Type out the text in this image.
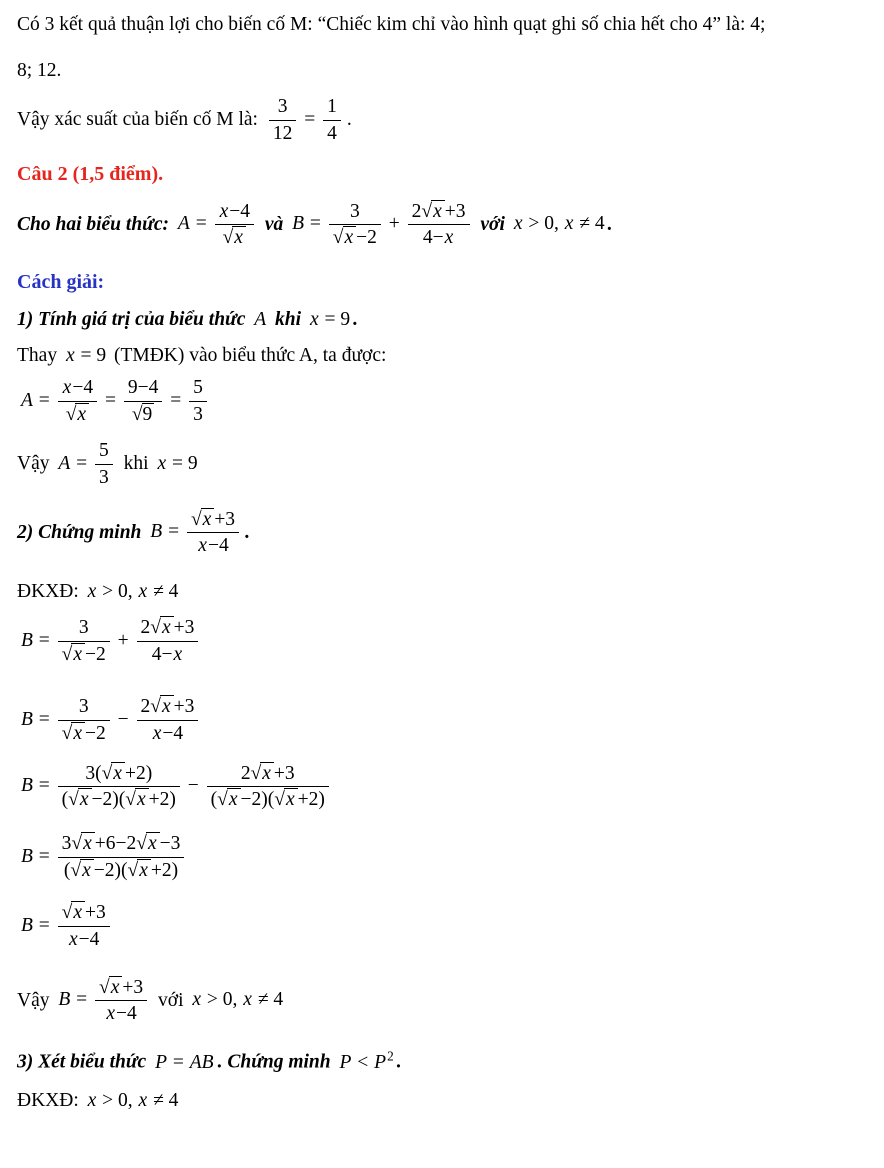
Có 3 kết quả thuận lợi cho biến cố M: “Chiếc kim chỉ vào hình quạt ghi số chia hết cho 4” là: 4;
8; 12.

Vậy xác suất của biến cố M là: $\frac{3}{12} = \frac{1}{4}$ .

Câu 2 (1,5 điểm).

Cho hai biểu thức: $A = \frac{x-4}{√ x}$ và $B = \frac{3}{√ x -2} + \frac{2√ x +3}{4-x}$ với x > 0, x ≠ 4 .

Cách giải:

1) Tính giá trị của biểu thức A khi x = 9 .

Thay x = 9 (TMĐK) vào biểu thức A, ta được:

$A = \frac{x-4}{√ x} = \frac{9-4}{√9} = \frac{5}{3}$

Vậy $A = \frac{5}{3}$ khi x = 9

2) Chứng minh $B = \frac{√ x +3}{x-4}$ .

ĐKXĐ: x > 0, x ≠ 4

$B = \frac{3}{√ x -2} + \frac{2√ x +3}{4-x}$

$B = \frac{3}{√ x -2} - \frac{2√ x +3}{x-4}$

$B = \frac{3(√ x +2)}{(√ x -2)(√ x +2)} - \frac{2√ x +3}{(√ x -2)(√ x +2)}$

$B = \frac{3√ x +6-2√ x -3}{(√ x -2)(√ x +2)}$

$B = \frac{√ x +3}{x-4}$

Vậy $B = \frac{√ x +3}{x-4}$ với x > 0, x ≠ 4

3) Xét biểu thức P = AB . Chứng minh $P < P^2$ .

ĐKXĐ: x > 0, x ≠ 4
